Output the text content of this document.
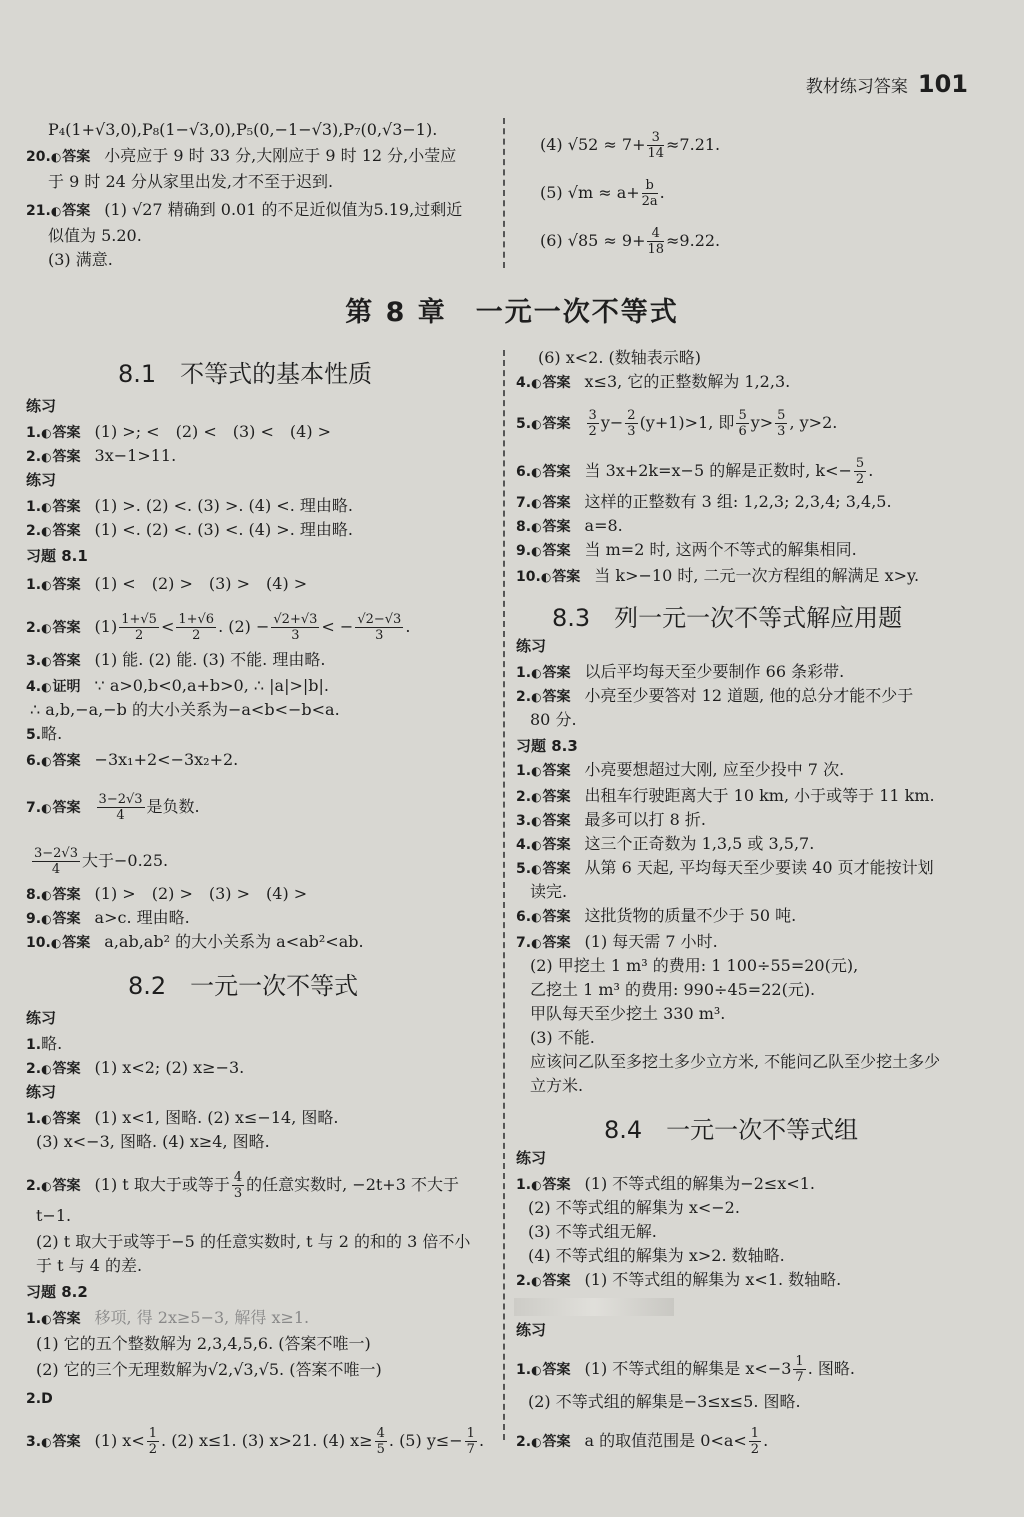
教材练习答案 101
P₄(1+√3,0),P₈(1−√3,0),P₅(0,−1−√3),P₇(0,√3−1).
20. ◐ 答案 小亮应于 9 时 33 分,大刚应于 9 时 12 分,小莹应
于 9 时 24 分从家里出发,才不至于迟到.
21. ◐ 答案 (1) √27 精确到 0.01 的不足近似值为5.19,过剩近
似值为 5.20.
(3) 满意.
(4) $√52 \approx 7+ \frac{3}{14} \approx 7.21$.
(5) $√m \approx a+ \frac{b}{2a}$ .
(6) $√85 \approx 9+ \frac{4}{18} \approx 9.22$.
第 8 章　一元一次不等式
8.1　不等式的基本性质
练习
1. ◐ 答案 (1) >; <　(2) <　(3) <　(4) >
2. ◐ 答案 3x−1>11.
练习
1. ◐ 答案 (1) >. (2) <. (3) >. (4) <. 理由略.
2. ◐ 答案 (1) <. (2) <. (3) <. (4) >. 理由略.
习题 8.1
1. ◐ 答案 (1) <　(2) >　(3) >　(4) >
2. ◐ 答案 $(1) \frac{1+√5}{2} < \frac{1+√6}{2}$ . $(2) - \frac{√2+√3}{3}$ < − $\frac{√2-√3}{3}$ .
3. ◐ 答案 (1) 能. (2) 能. (3) 不能. 理由略.
4. ◐ 证明 ∵ a>0,b<0,a+b>0, ∴ |a|>|b|.
∴ a,b,−a,−b 的大小关系为−a<b<−b<a.
5.略.
6. ◐ 答案 −3x₁+2<−3x₂+2.
7. ◐ 答案 $\frac{3-2√3}{4}$ 是负数.
$\frac{3-2√3}{4}$ 大于−0.25.
8. ◐ 答案 (1) >　(2) >　(3) >　(4) >
9. ◐ 答案 a>c. 理由略.
10. ◐ 答案 a,ab,ab² 的大小关系为 a<ab²<ab.
8.2　一元一次不等式
练习
1.略.
2. ◐ 答案 (1) x<2; (2) x≥−3.
练习
1. ◐ 答案 (1) x<1, 图略. (2) x≤−14, 图略.
(3) x<−3, 图略. (4) x≥4, 图略.
2. ◐ 答案 (1) t 取大于或等于 $\frac{4}{3}$ 的任意实数时, −2t+3 不大于
t−1.
(2) t 取大于或等于−5 的任意实数时, t 与 2 的和的 3 倍不小
于 t 与 4 的差.
习题 8.2
1. ◐ 答案 移项, 得 2x≥5−3, 解得 x≥1.
(1) 它的五个整数解为 2,3,4,5,6. (答案不唯一)
(2) 它的三个无理数解为√2,√3,√5. (答案不唯一)
2.D
3. ◐ 答案 (1) $x< \frac{1}{2}$ . (2) x≤1. (3) x>21. (4) $x\ge \frac{4}{5}$ . (5) $y\le- \frac{1}{7}$ .
(6) x<2. (数轴表示略)
4. ◐ 答案 x≤3, 它的正整数解为 1,2,3.
5. ◐ 答案 $\frac{3}{2} y- \frac{2}{3} (y+1)>1$, 即 $\frac{5}{6} y> \frac{5}{3}$ , y>2.
6. ◐ 答案 当 3x+2k=x−5 的解是正数时, $k<- \frac{5}{2}$ .
7. ◐ 答案 这样的正整数有 3 组: 1,2,3; 2,3,4; 3,4,5.
8. ◐ 答案 a=8.
9. ◐ 答案 当 m=2 时, 这两个不等式的解集相同.
10. ◐ 答案 当 k>−10 时, 二元一次方程组的解满足 x>y.
8.3　列一元一次不等式解应用题
练习
1. ◐ 答案 以后平均每天至少要制作 66 条彩带.
2. ◐ 答案 小亮至少要答对 12 道题, 他的总分才能不少于
80 分.
习题 8.3
1. ◐ 答案 小亮要想超过大刚, 应至少投中 7 次.
2. ◐ 答案 出租车行驶距离大于 10 km, 小于或等于 11 km.
3. ◐ 答案 最多可以打 8 折.
4. ◐ 答案 这三个正奇数为 1,3,5 或 3,5,7.
5. ◐ 答案 从第 6 天起, 平均每天至少要读 40 页才能按计划
读完.
6. ◐ 答案 这批货物的质量不少于 50 吨.
7. ◐ 答案 (1) 每天需 7 小时.
(2) 甲挖土 1 m³ 的费用: 1 100÷55=20(元),
乙挖土 1 m³ 的费用: 990÷45=22(元).
甲队每天至少挖土 330 m³.
(3) 不能.
应该问乙队至多挖土多少立方米, 不能问乙队至少挖土多少
立方米.
8.4　一元一次不等式组
练习
1. ◐ 答案 (1) 不等式组的解集为−2≤x<1.
(2) 不等式组的解集为 x<−2.
(3) 不等式组无解.
(4) 不等式组的解集为 x>2. 数轴略.
2. ◐ 答案 (1) 不等式组的解集为 x<1. 数轴略.
练习
1. ◐ 答案 (1) 不等式组的解集是 $x<-3 \frac{1}{7}$ . 图略.
(2) 不等式组的解集是−3≤x≤5. 图略.
2. ◐ 答案 a 的取值范围是 $0<a< \frac{1}{2}$ .
